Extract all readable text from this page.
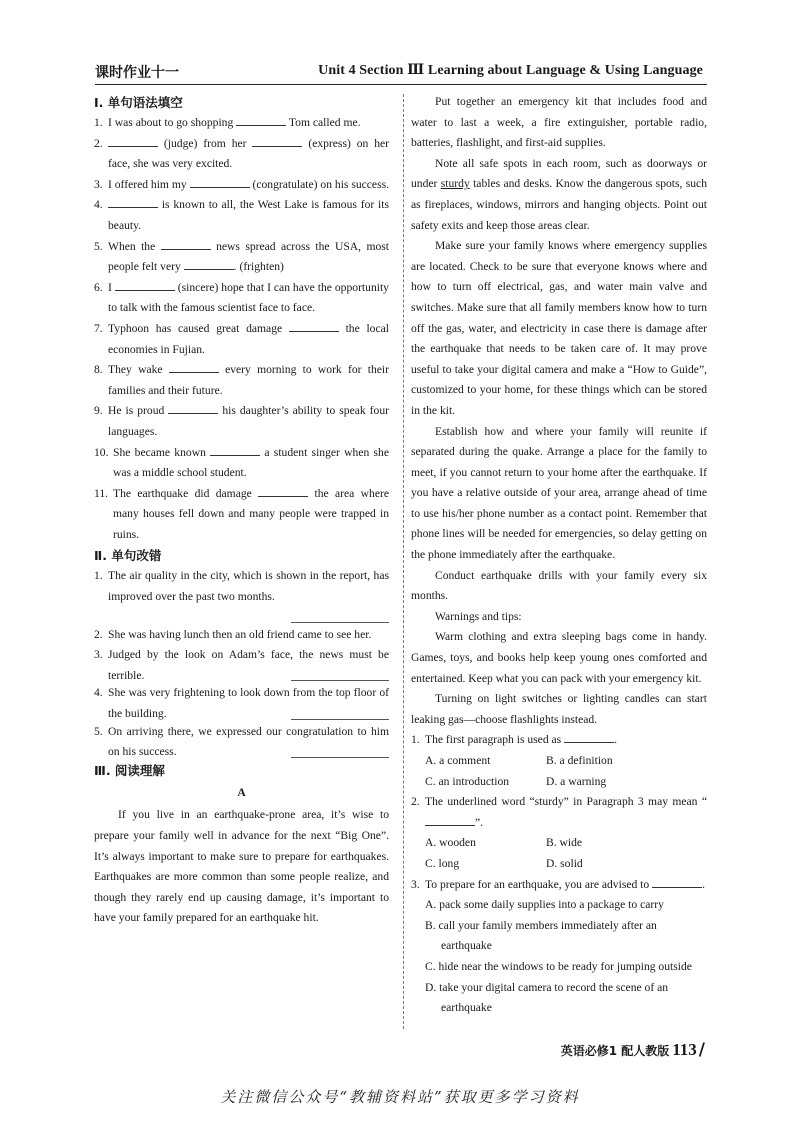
课时作业十一	Unit 4 Section Ⅲ Learning about Language & Using Language

Ⅰ. 单句语法填空

1. I was about to go shopping	Tom called me.
2.	(judge) from her	(express) on her face, she was very excited.
3. I offered him my	(congratulate) on his success.
4.	is known to all, the West Lake is famous for its beauty.
5. When the	news spread across the USA, most people felt very	. (frighten)
6. I	(sincere) hope that I can have the opportunity to talk with the famous scientist face to face.
7. Typhoon has caused great damage	the local economies in Fujian.
8. They wake	every morning to work for their families and their future.
9. He is proud	his daughter’s ability to speak four languages.
10. She became known	a student singer when she was a middle school student.
11. The earthquake did damage	the area where many houses fell down and many people were trapped in ruins.

Ⅱ. 单句改错

1. The air quality in the city, which is shown in the report, has improved over the past two months.
2. She was having lunch then an old friend came to see her.
3. Judged by the look on Adam’s face, the news must be terrible.
4. She was very frightening to look down from the top floor of the building.
5. On arriving there, we expressed our congratulation to him on his success.

Ⅲ. 阅读理解

A

If you live in an earthquake-prone area, it’s wise to prepare your family well in advance for the next “Big One”. It’s always important to make sure to prepare for earthquakes. Earthquakes are more common than some people realize, and though they rarely end up causing damage, it’s important to have your family prepared for an earthquake hit.

Put together an emergency kit that includes food and water to last a week, a fire extinguisher, portable radio, batteries, flashlight, and first-aid supplies.

Note all safe spots in each room, such as doorways or under sturdy tables and desks. Know the dangerous spots, such as fireplaces, windows, mirrors and hanging objects. Point out safety exits and keep those areas clear.

Make sure your family knows where emergency supplies are located. Check to be sure that everyone knows where and how to turn off electrical, gas, and water main valve and switches. Make sure that all family members know how to turn off the gas, water, and electricity in case there is damage after the earthquake that needs to be taken care of. It may prove useful to take your digital camera and make a “How to Guide”, customized to your home, for these things which can be stored in the kit.

Establish how and where your family will reunite if separated during the quake. Arrange a place for the family to meet, if you cannot return to your home after the earthquake. If you have a relative outside of your area, arrange ahead of time to use his/her phone number as a contact point. Remember that phone lines will be needed for emergencies, so delay getting on the phone immediately after the earthquake.

Conduct earthquake drills with your family every six months.

Warnings and tips:

Warm clothing and extra sleeping bags come in handy. Games, toys, and books help keep young ones comforted and entertained. Keep what you can pack with your emergency kit.

Turning on light switches or lighting candles can start leaking gas—choose flashlights instead.

1. The first paragraph is used as	.
A. a comment	B. a definition
C. an introduction	D. a warning
2. The underlined word “sturdy” in Paragraph 3 may mean “”.
A. wooden	B. wide
C. long	D. solid
3. To prepare for an earthquake, you are advised to	.
A. pack some daily supplies into a package to carry
B. call your family members immediately after an earthquake
C. hide near the windows to be ready for jumping outside
D. take your digital camera to record the scene of an earthquake
英语必修1 配人教版 113 /
关注微信公众号“教辅资料站”获取更多学习资料
